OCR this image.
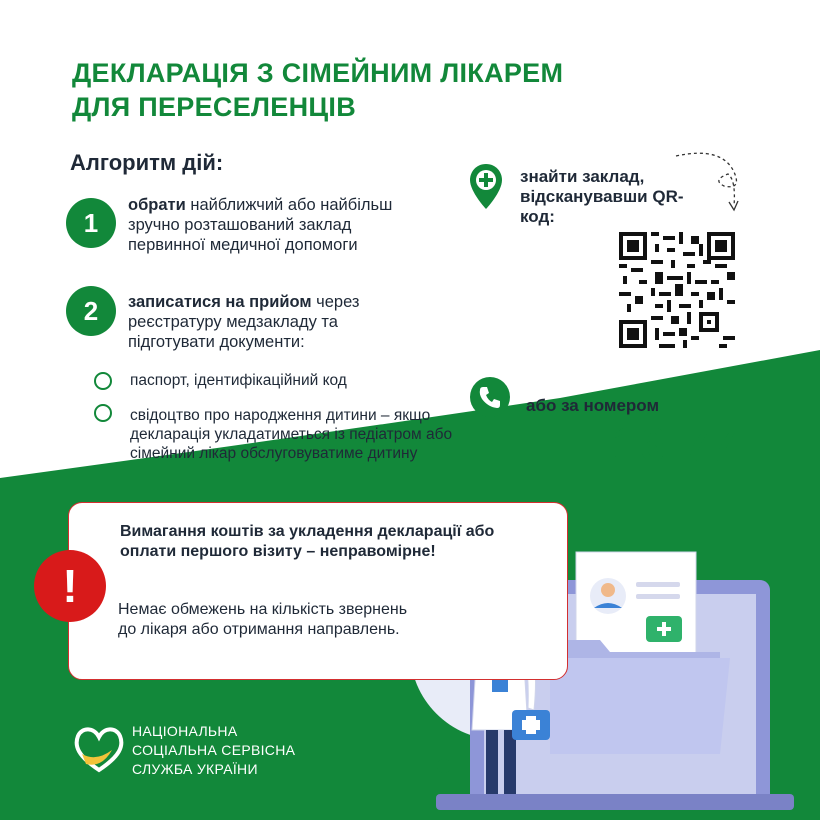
ДЕКЛАРАЦІЯ З СІМЕЙНИМ ЛІКАРЕМ
ДЛЯ ПЕРЕСЕЛЕНЦІВ
Алгоритм дій:
1
обрати найближчий або найбільш зручно розташований заклад первинної медичної допомоги
2	записатися на прийом через реєстратуру медзакладу та підготувати документи:
паспорт, ідентифікаційний код
свідоцтво про народження дитини – якщо декларація укладатиметься із педіатром або сімейний лікар обслуговуватиме дитину
знайти заклад, відсканувавши QR-код:
або за номером
16-77
!
Вимагання коштів за укладення декларації або оплати першого візиту – неправомірне!
Немає обмежень на кількість звернень до лікаря або отримання направлень.
НАЦІОНАЛЬНА
СОЦІАЛЬНА СЕРВІСНА
СЛУЖБА УКРАЇНИ
